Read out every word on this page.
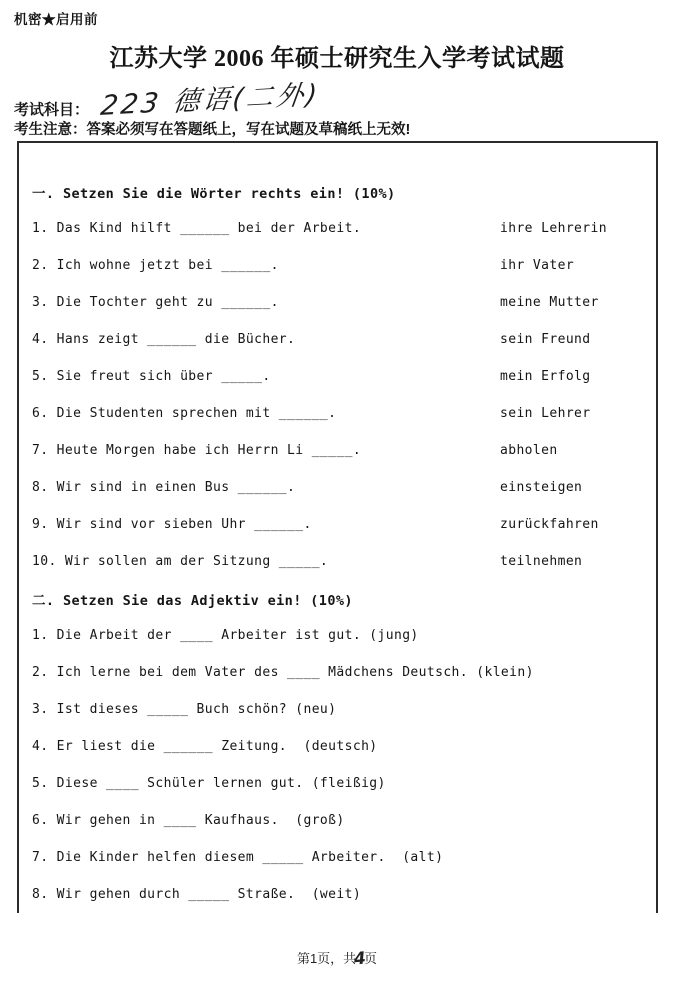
机密★启用前
江苏大学 2006 年硕士研究生入学考试试题
考试科目： 223 德语(二外)
考生注意：答案必须写在答题纸上，写在试题及草稿纸上无效!
一. Setzen Sie die Wörter rechts ein! (10%)
1. Das Kind hilft ______ bei der Arbeit.	ihre Lehrerin
2. Ich wohne jetzt bei ______.	ihr Vater
3. Die Tochter geht zu ______.	meine Mutter
4. Hans zeigt ______ die Bücher.	sein Freund
5. Sie freut sich über _____.	mein Erfolg
6. Die Studenten sprechen mit ______.	sein Lehrer
7. Heute Morgen habe ich Herrn Li _____.	abholen
8. Wir sind in einen Bus ______.	einsteigen
9. Wir sind vor sieben Uhr ______.	zurückfahren
10. Wir sollen am der Sitzung _____.	teilnehmen
二. Setzen Sie das Adjektiv ein! (10%)
1. Die Arbeit der ____ Arbeiter ist gut. (jung)
2. Ich lerne bei dem Vater des ____ Mädchens Deutsch. (klein)
3. Ist dieses _____ Buch schön? (neu)
4. Er liest die ______ Zeitung.  (deutsch)
5. Diese ____ Schüler lernen gut. (fleißig)
6. Wir gehen in ____ Kaufhaus.  (groß)
7. Die Kinder helfen diesem _____ Arbeiter.  (alt)
8. Wir gehen durch _____ Straße.  (weit)
第1页，共4页
